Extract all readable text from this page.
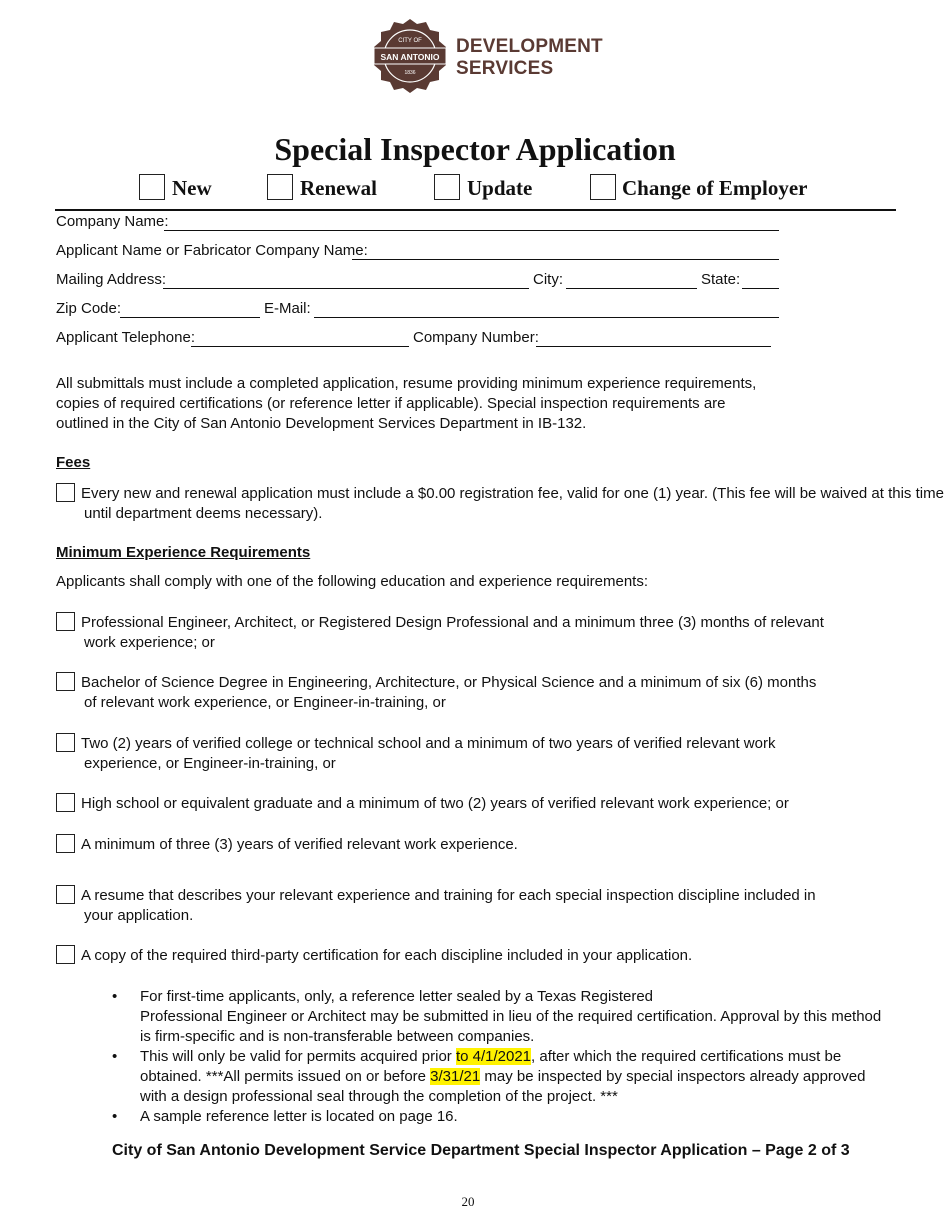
CITY OF
SAN ANTONIO
1836
DEVELOPMENT
SERVICES
Special Inspector Application
New	Renewal	Update	Change of Employer
Company Name:
Applicant Name or Fabricator Company Name:
Mailing Address:	City:	State:
Zip Code:	E-Mail:
Applicant Telephone:	Company Number:
All submittals must include a completed application, resume providing minimum experience requirements, copies of required certifications (or reference letter if applicable). Special inspection requirements are outlined in the City of San Antonio Development Services Department in IB-132.
Fees
Every new and renewal application must include a $0.00 registration fee, valid for one (1) year. (This fee will be waived at this time
until department deems necessary).
Minimum Experience Requirements
Applicants shall comply with one of the following education and experience requirements:
Professional Engineer, Architect, or Registered Design Professional and a minimum three (3) months of relevant
work experience; or
Bachelor of Science Degree in Engineering, Architecture, or Physical Science and a minimum of six (6) months
of relevant work experience, or Engineer-in-training, or
Two (2) years of verified college or technical school and a minimum of two years of verified relevant work
experience, or Engineer-in-training, or
High school or equivalent graduate and a minimum of two (2) years of verified relevant work experience; or
A minimum of three (3) years of verified relevant work experience.
A resume that describes your relevant experience and training for each special inspection discipline included in
your application.
A copy of the required third-party certification for each discipline included in your application.
• For first-time applicants, only, a reference letter sealed by a Texas Registered
Professional Engineer or Architect may be submitted in lieu of the required certification. Approval by this method is firm-specific and is non-transferable between companies.
• This will only be valid for permits acquired prior to 4/1/2021, after which the required certifications must be obtained. ***All permits issued on or before 3/31/21 may be inspected by special inspectors already approved with a design professional seal through the completion of the project. ***
• A sample reference letter is located on page 16.
City of San Antonio Development Service Department Special Inspector Application – Page 2 of 3
20
